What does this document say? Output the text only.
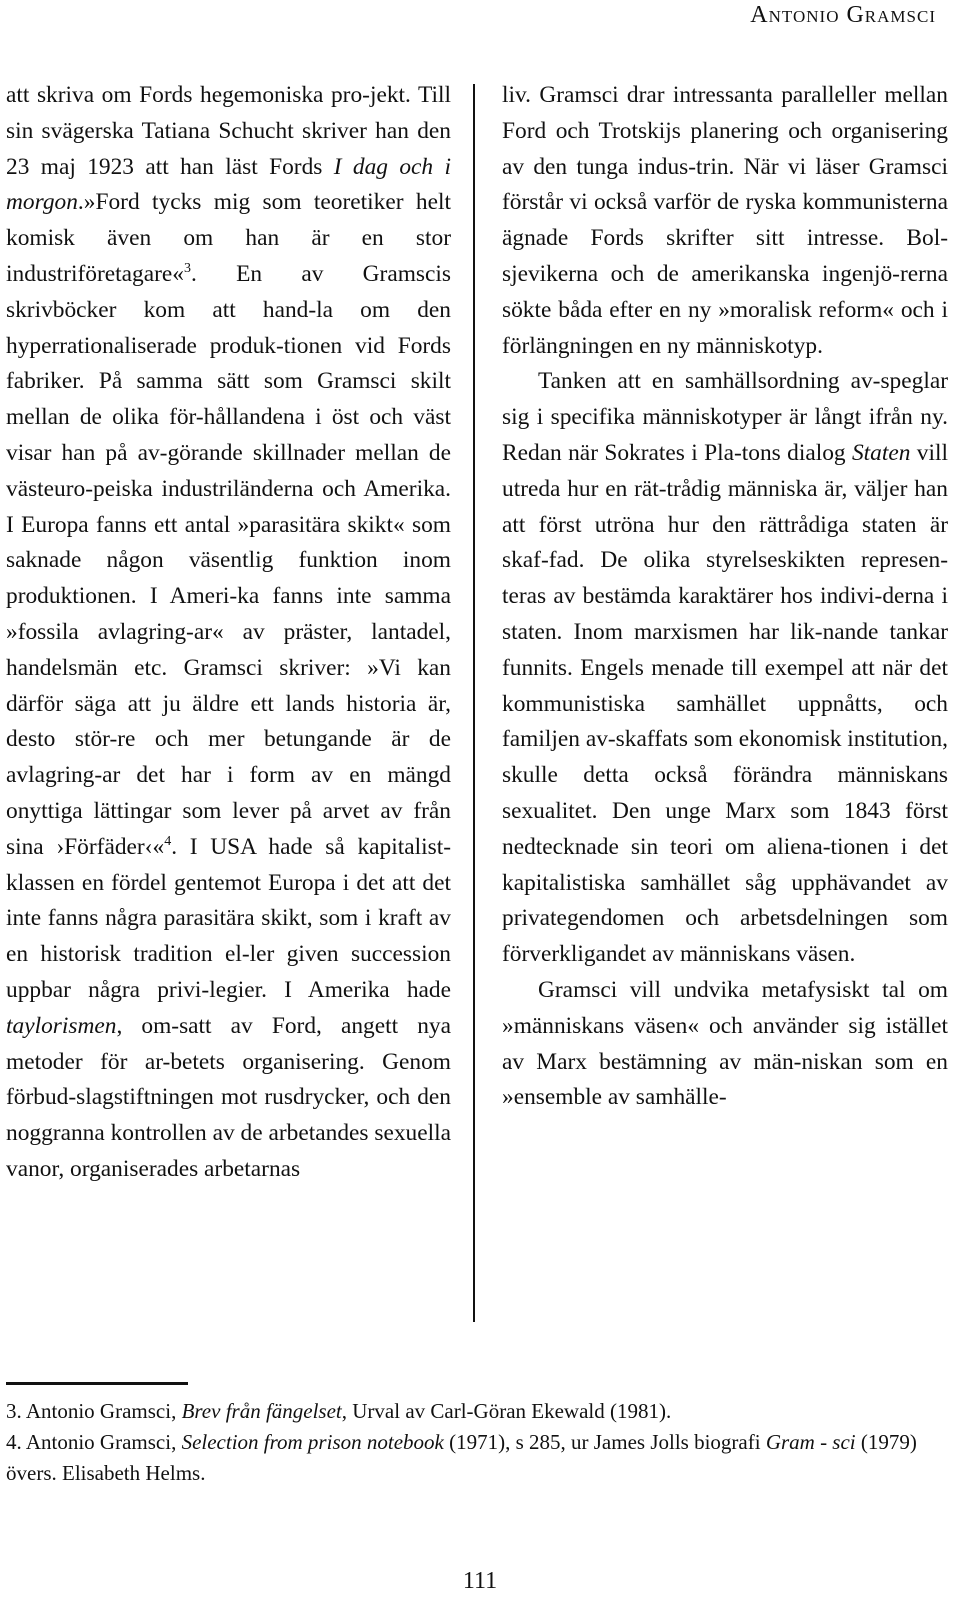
Antonio Gramsci

att skriva om Fords hegemoniska pro-jekt. Till sin svägerska Tatiana Schucht skriver han den 23 maj 1923 att han läst Fords I dag och i morgon.»Ford tycks mig som teoretiker helt komisk även om han är en stor industriföretagare«$^3$. En av Gramscis skrivböcker kom att hand-la om den hyperrationaliserade produk-tionen vid Fords fabriker. På samma sätt som Gramsci skilt mellan de olika för-hållandena i öst och väst visar han på av-görande skillnader mellan de västeuro-peiska industriländerna och Amerika. I Europa fanns ett antal »parasitära skikt« som saknade någon väsentlig funktion inom produktionen. I Ameri-ka fanns inte samma »fossila avlagring-ar« av präster, lantadel, handelsmän etc. Gramsci skriver: »Vi kan därför säga att ju äldre ett lands historia är, desto stör-re och mer betungande är de avlagring-ar det har i form av en mängd onyttiga lättingar som lever på arvet av från sina ›Förfäder‹«$^4$. I USA hade så kapitalist-klassen en fördel gentemot Europa i det att det inte fanns några parasitära skikt, som i kraft av en historisk tradition el-ler given succession uppbar några privi-legier. I Amerika hade taylorismen, om-satt av Ford, angett nya metoder för ar-betets organisering. Genom förbud-slagstiftningen mot rusdrycker, och den noggranna kontrollen av de arbetandes sexuella vanor, organiserades arbetarnas

liv. Gramsci drar intressanta paralleller mellan Ford och Trotskijs planering och organisering av den tunga indus-trin. När vi läser Gramsci förstår vi också varför de ryska kommunisterna ägnade Fords skrifter sitt intresse. Bol-sjevikerna och de amerikanska ingenjö-rerna sökte båda efter en ny »moralisk reform« och i förlängningen en ny människotyp.

Tanken att en samhällsordning av-speglar sig i specifika människotyper är långt ifrån ny. Redan när Sokrates i Pla-tons dialog Staten vill utreda hur en rät-trådig människa är, väljer han att först utröna hur den rättrådiga staten är skaf-fad. De olika styrelseskikten represen-teras av bestämda karaktärer hos indivi-derna i staten. Inom marxismen har lik-nande tankar funnits. Engels menade till exempel att när det kommunistiska samhället uppnåtts, och familjen av-skaffats som ekonomisk institution, skulle detta också förändra människans sexualitet. Den unge Marx som 1843 först nedtecknade sin teori om aliena-tionen i det kapitalistiska samhället såg upphävandet av privategendomen och arbetsdelningen som förverkligandet av människans väsen.

Gramsci vill undvika metafysiskt tal om »människans väsen« och använder sig istället av Marx bestämning av män-niskan som en »ensemble av samhälle-

3. Antonio Gramsci, Brev från fängelset, Urval av Carl-Göran Ekewald (1981).

4. Antonio Gramsci, Selection from prison notebook (1971), s 285, ur James Jolls biografi Gram - sci (1979) övers. Elisabeth Helms.

111
